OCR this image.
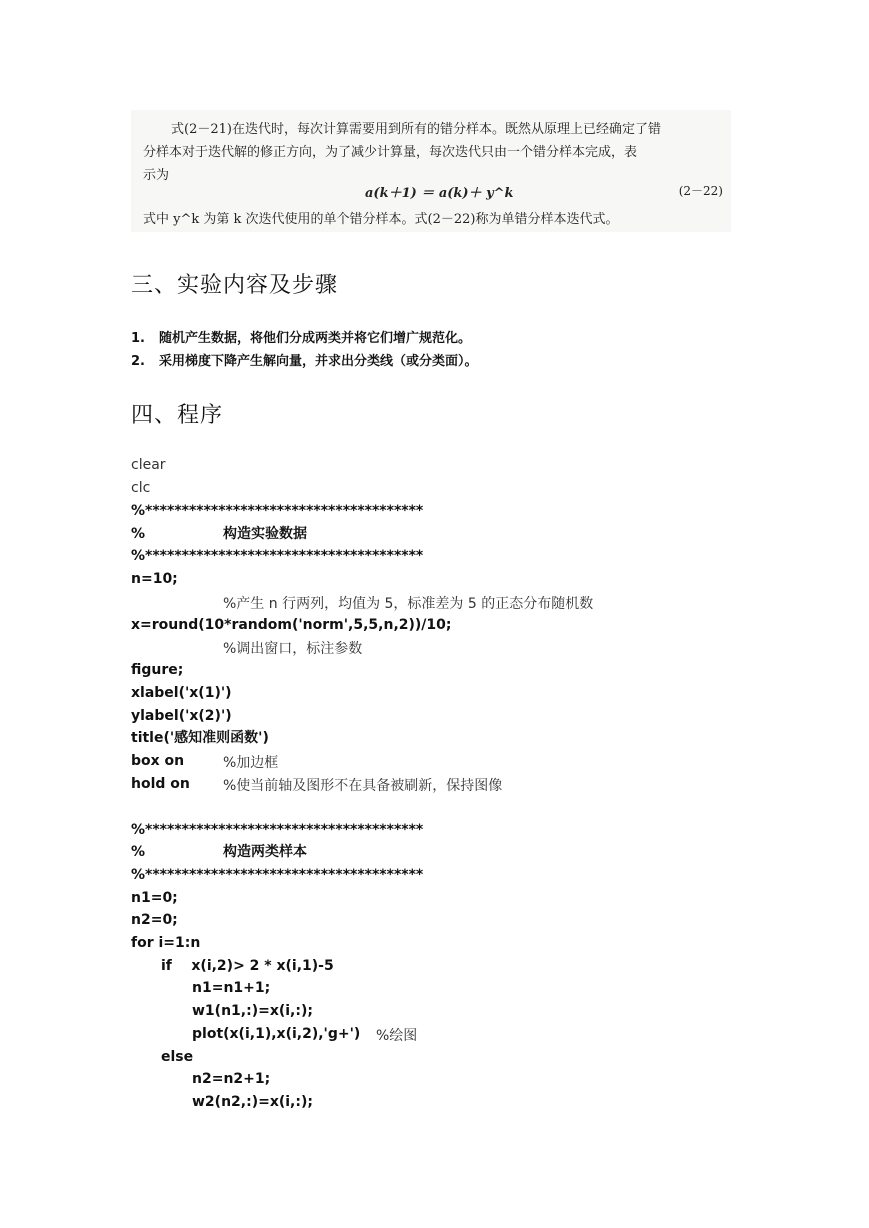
式(2－21)在迭代时，每次计算需要用到所有的错分样本。既然从原理上已经确定了错
分样本对于迭代解的修正方向，为了减少计算量，每次迭代只由一个错分样本完成，表
示为
a(k＋1) ＝ a(k)＋ y^k	(2－22)
式中 y^k 为第 k 次迭代使用的单个错分样本。式(2－22)称为单错分样本迭代式。
三、实验内容及步骤
1. 随机产生数据，将他们分成两类并将它们增广规范化。
2. 采用梯度下降产生解向量，并求出分类线（或分类面）。
四、程序
clear
clc
%**************************************
%	构造实验数据
%**************************************
n=10;
%产生 n 行两列，均值为 5，标准差为 5 的正态分布随机数
x=round(10*random('norm',5,5,n,2))/10;
%调出窗口，标注参数
figure;
xlabel('x(1)')
ylabel('x(2)')
title('感知准则函数')
box on	%加边框
hold on %使当前轴及图形不在具备被刷新，保持图像
%**************************************
%	构造两类样本
%**************************************
n1=0;
n2=0;
for i=1:n
if    x(i,2)> 2 * x(i,1)-5
n1=n1+1;
w1(n1,:)=x(i,:);
plot(x(i,1),x(i,2),'g+') %绘图
else
n2=n2+1;
w2(n2,:)=x(i,:);
